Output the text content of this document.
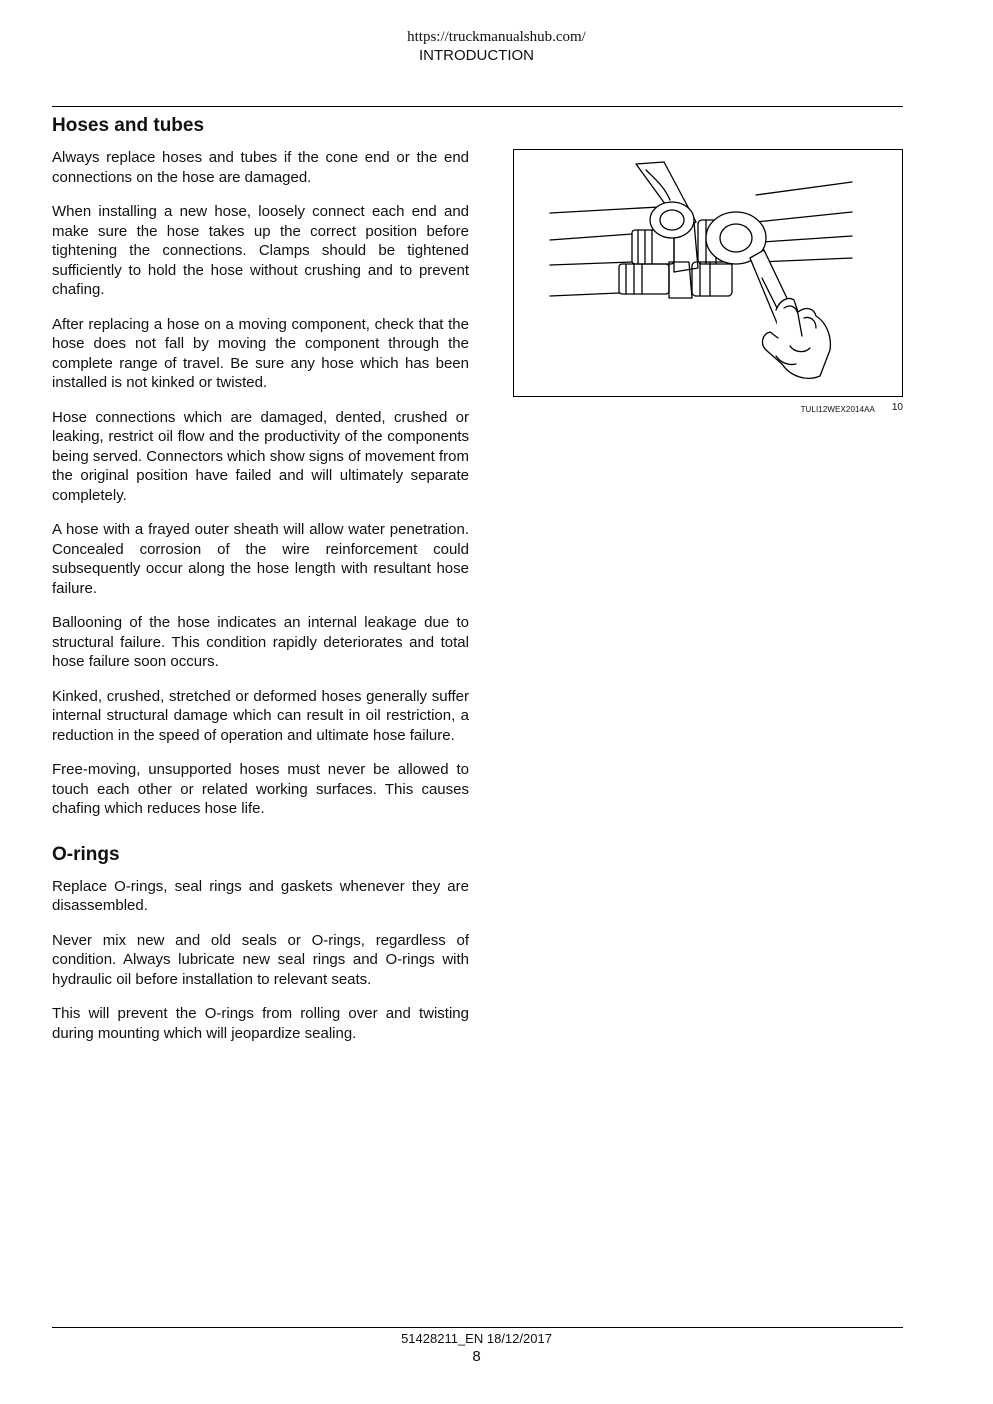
https://truckmanualshub.com/
INTRODUCTION
Hoses and tubes

Always replace hoses and tubes if the cone end or the end connections on the hose are damaged.

When installing a new hose, loosely connect each end and make sure the hose takes up the correct position before tightening the connections. Clamps should be tightened sufficiently to hold the hose without crushing and to prevent chafing.

After replacing a hose on a moving component, check that the hose does not fall by moving the component through the complete range of travel. Be sure any hose which has been installed is not kinked or twisted.

Hose connections which are damaged, dented, crushed or leaking, restrict oil flow and the productivity of the components being served. Connectors which show signs of movement from the original position have failed and will ultimately separate completely.

A hose with a frayed outer sheath will allow water penetration. Concealed corrosion of the wire reinforcement could subsequently occur along the hose length with resultant hose failure.

Ballooning of the hose indicates an internal leakage due to structural failure. This condition rapidly deteriorates and total hose failure soon occurs.

Kinked, crushed, stretched or deformed hoses generally suffer internal structural damage which can result in oil restriction, a reduction in the speed of operation and ultimate hose failure.

Free-moving, unsupported hoses must never be allowed to touch each other or related working surfaces. This causes chafing which reduces hose life.

O-rings

Replace O-rings, seal rings and gaskets whenever they are disassembled.

Never mix new and old seals or O-rings, regardless of condition. Always lubricate new seal rings and O-rings with hydraulic oil before installation to relevant seats.

This will prevent the O-rings from rolling over and twisting during mounting which will jeopardize sealing.

TULI12WEX2014AA	10
51428211_EN 18/12/2017
8
